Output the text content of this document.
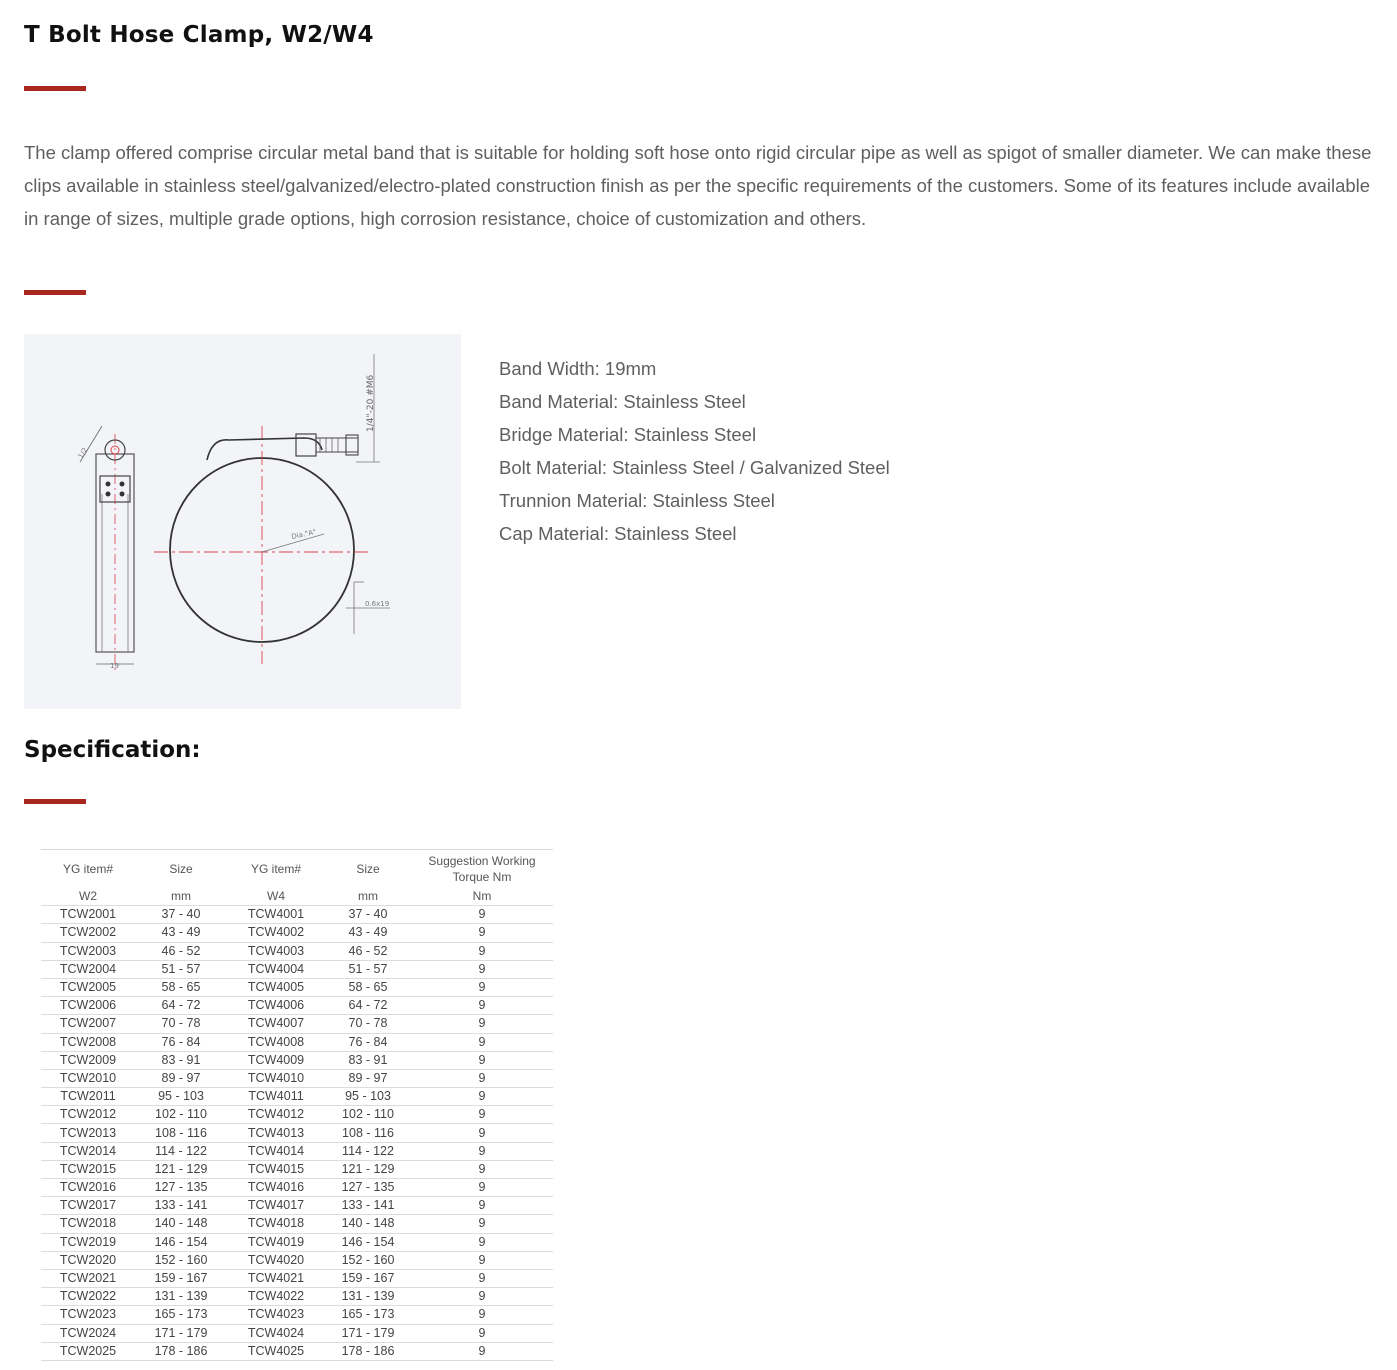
T Bolt Hose Clamp, W2/W4

The clamp offered comprise circular metal band that is suitable for holding soft hose onto rigid circular pipe as well as spigot of smaller diameter. We can make these clips available in stainless steel/galvanized/electro-plated construction finish as per the specific requirements of the customers. Some of its features include available in range of sizes, multiple grade options, high corrosion resistance, choice of customization and others.

1/2
19
Dia."A"
1/4"-20 #M6
0.6x19
Band Width: 19mm
Band Material: Stainless Steel
Bridge Material: Stainless Steel
Bolt Material: Stainless Steel / Galvanized Steel
Trunnion Material: Stainless Steel
Cap Material: Stainless Steel
Specification:
YG item#	Size	YG item#	Size	Suggestion Working Torque Nm
W2	mm	W4	mm	Nm
TCW2001	37 - 40	TCW4001	37 - 40	9
TCW2002	43 - 49	TCW4002	43 - 49	9
TCW2003	46 - 52	TCW4003	46 - 52	9
TCW2004	51 - 57	TCW4004	51 - 57	9
TCW2005	58 - 65	TCW4005	58 - 65	9
TCW2006	64 - 72	TCW4006	64 - 72	9
TCW2007	70 - 78	TCW4007	70 - 78	9
TCW2008	76 - 84	TCW4008	76 - 84	9
TCW2009	83 - 91	TCW4009	83 - 91	9
TCW2010	89 - 97	TCW4010	89 - 97	9
TCW2011	95 - 103	TCW4011	95 - 103	9
TCW2012	102 - 110	TCW4012	102 - 110	9
TCW2013	108 - 116	TCW4013	108 - 116	9
TCW2014	114 - 122	TCW4014	114 - 122	9
TCW2015	121 - 129	TCW4015	121 - 129	9
TCW2016	127 - 135	TCW4016	127 - 135	9
TCW2017	133 - 141	TCW4017	133 - 141	9
TCW2018	140 - 148	TCW4018	140 - 148	9
TCW2019	146 - 154	TCW4019	146 - 154	9
TCW2020	152 - 160	TCW4020	152 - 160	9
TCW2021	159 - 167	TCW4021	159 - 167	9
TCW2022	131 - 139	TCW4022	131 - 139	9
TCW2023	165 - 173	TCW4023	165 - 173	9
TCW2024	171 - 179	TCW4024	171 - 179	9
TCW2025	178 - 186	TCW4025	178 - 186	9
